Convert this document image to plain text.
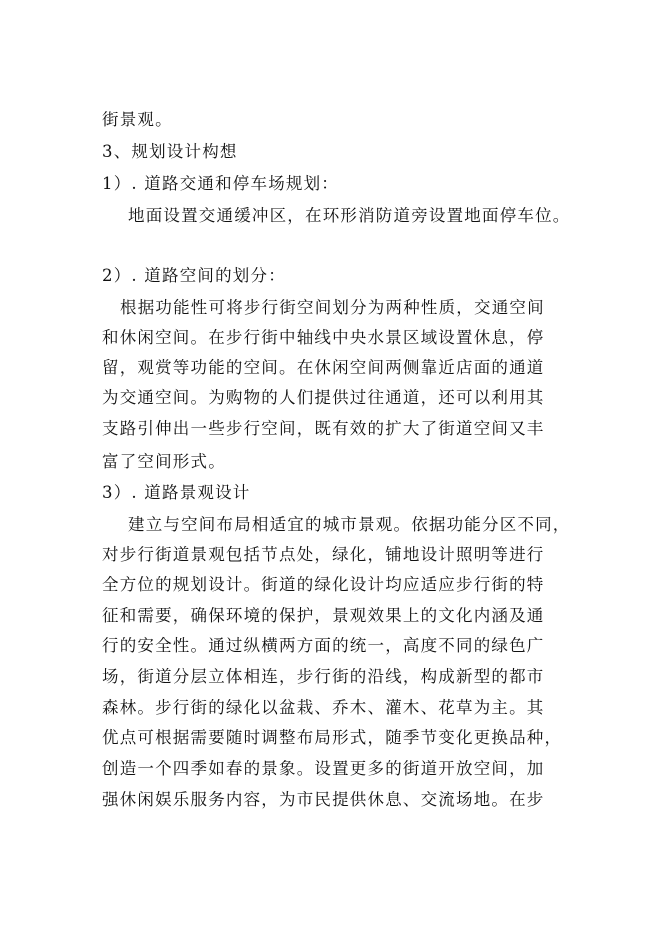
街景观。

3、规划设计构想

1）. 道路交通和停车场规划：

地面设置交通缓冲区，在环形消防道旁设置地面停车位。

2）. 道路空间的划分：

根据功能性可将步行街空间划分为两种性质，交通空间

和休闲空间。在步行街中轴线中央水景区域设置休息，停

留，观赏等功能的空间。在休闲空间两侧靠近店面的通道

为交通空间。为购物的人们提供过往通道，还可以利用其

支路引伸出一些步行空间，既有效的扩大了街道空间又丰

富了空间形式。

3）. 道路景观设计

建立与空间布局相适宜的城市景观。依据功能分区不同，

对步行街道景观包括节点处，绿化，铺地设计照明等进行

全方位的规划设计。街道的绿化设计均应适应步行街的特

征和需要，确保环境的保护，景观效果上的文化内涵及通

行的安全性。通过纵横两方面的统一，高度不同的绿色广

场，街道分层立体相连，步行街的沿线，构成新型的都市

森林。步行街的绿化以盆栽、乔木、灌木、花草为主。其

优点可根据需要随时调整布局形式，随季节变化更换品种，

创造一个四季如春的景象。设置更多的街道开放空间，加

强休闲娱乐服务内容，为市民提供休息、交流场地。在步
